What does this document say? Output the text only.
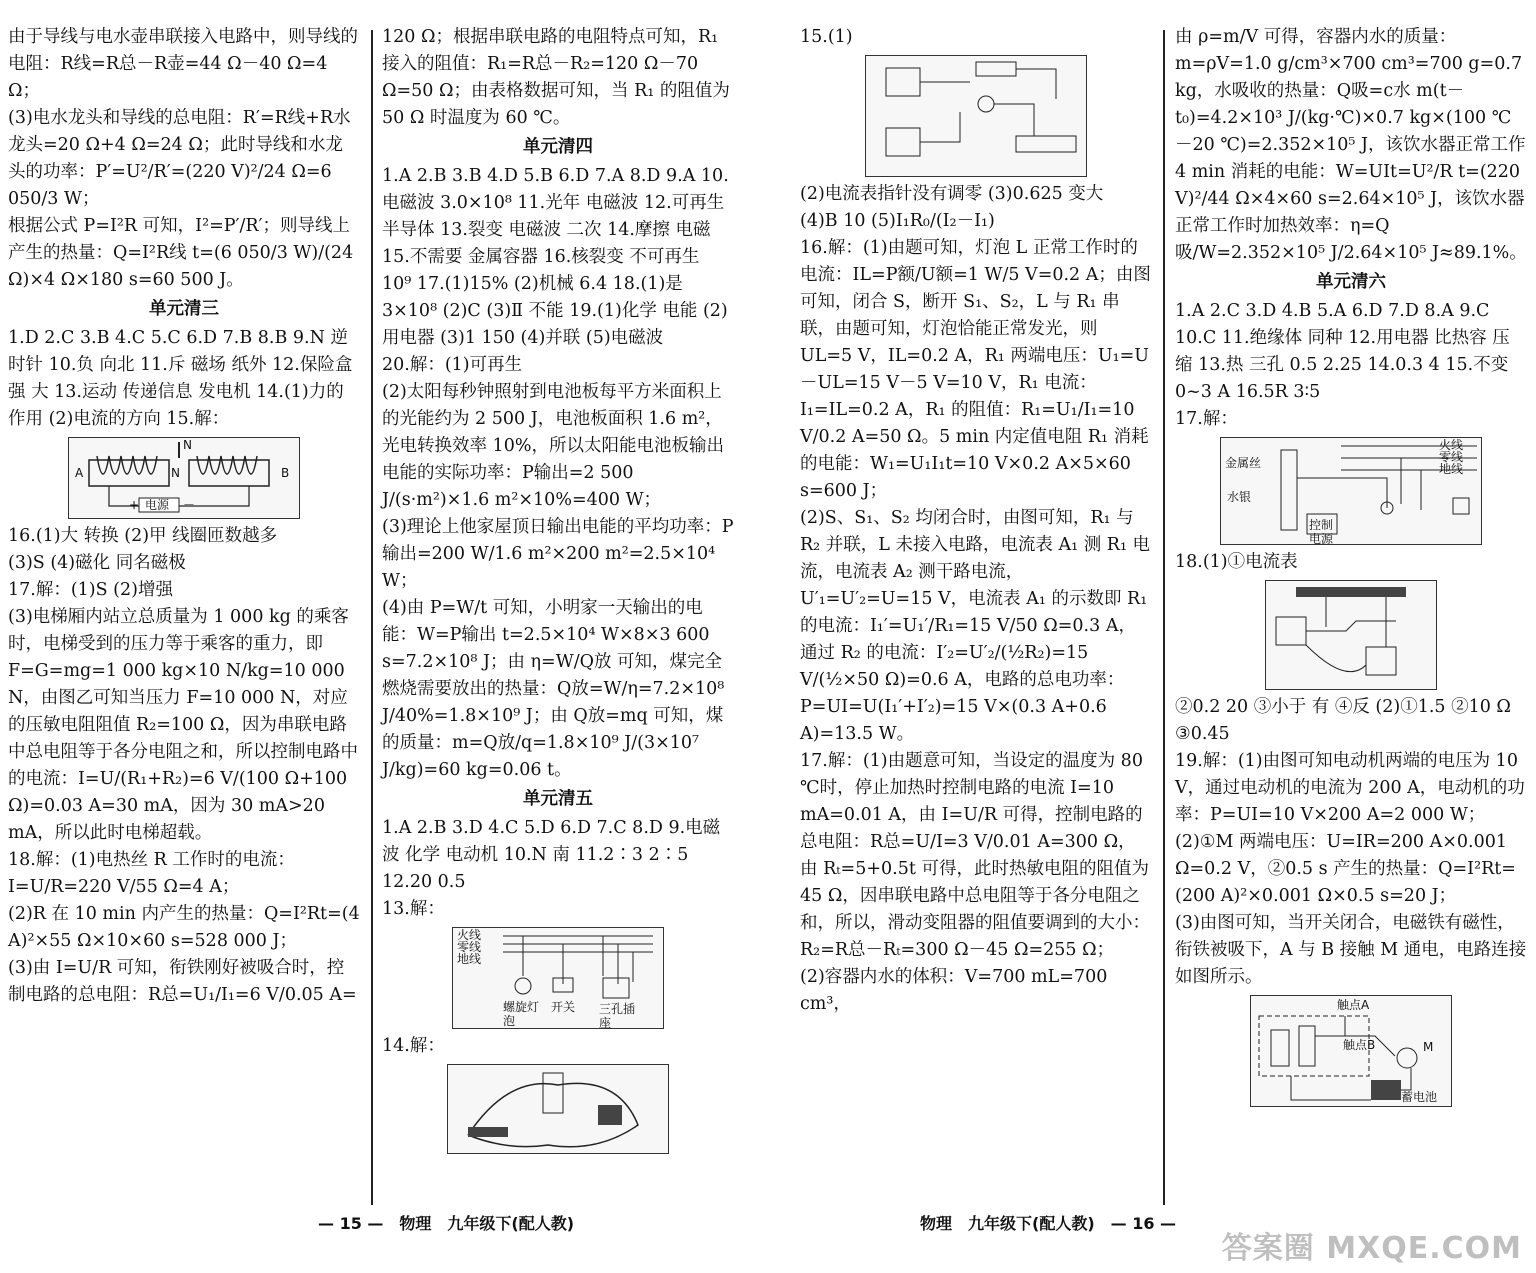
由于导线与电水壶串联接入电路中，则导线的电阻：R线=R总－R壶=44 Ω－40 Ω=4 Ω；

(3)电水龙头和导线的总电阻：R′=R线+R水龙头=20 Ω+4 Ω=24 Ω；此时导线和水龙头的功率：P′=U²/R′=(220 V)²/24 Ω=6 050/3 W；

根据公式 P=I²R 可知，I²=P′/R′；则导线上产生的热量：Q=I²R线 t=(6 050/3 W)/(24 Ω)×4 Ω×180 s=60 500 J。

单元清三

1.D 2.C 3.B 4.C 5.C 6.D 7.B 8.B 9.N 逆时针 10.负 向北 11.斥 磁场 纸外 12.保险盒 强 大 13.运动 传递信息 发电机 14.(1)力的作用 (2)电流的方向 15.解：

A	B
N
N
+ 电源 －

16.(1)大 转换 (2)甲 线圈匝数越多

(3)S (4)磁化 同名磁极

17.解：(1)S (2)增强

(3)电梯厢内站立总质量为 1 000 kg 的乘客时，电梯受到的压力等于乘客的重力，即 F=G=mg=1 000 kg×10 N/kg=10 000 N，由图乙可知当压力 F=10 000 N，对应的压敏电阻阻值 R₂=100 Ω，因为串联电路中总电阻等于各分电阻之和，所以控制电路中的电流：I=U/(R₁+R₂)=6 V/(100 Ω+100 Ω)=0.03 A=30 mA，因为 30 mA>20 mA，所以此时电梯超载。

18.解：(1)电热丝 R 工作时的电流：I=U/R=220 V/55 Ω=4 A；

(2)R 在 10 min 内产生的热量：Q=I²Rt=(4 A)²×55 Ω×10×60 s=528 000 J；

(3)由 I=U/R 可知，衔铁刚好被吸合时，控制电路的总电阻：R总=U₁/I₁=6 V/0.05 A=

120 Ω；根据串联电路的电阻特点可知，R₁ 接入的阻值：R₁=R总－R₂=120 Ω－70 Ω=50 Ω；由表格数据可知，当 R₁ 的阻值为 50 Ω 时温度为 60 ℃。

单元清四

1.A 2.B 3.B 4.D 5.B 6.D 7.A 8.D 9.A 10.电磁波 3.0×10⁸ 11.光年 电磁波 12.可再生 半导体 13.裂变 电磁波 二次 14.摩擦 电磁 15.不需要 金属容器 16.核裂变 不可再生 10⁹ 17.(1)15% (2)机械 6.4 18.(1)是 3×10⁸ (2)C (3)Ⅱ 不能 19.(1)化学 电能 (2)用电器 (3)1 150 (4)并联 (5)电磁波

20.解：(1)可再生

(2)太阳每秒钟照射到电池板每平方米面积上的光能约为 2 500 J，电池板面积 1.6 m²，光电转换效率 10%，所以太阳能电池板输出电能的实际功率：P输出=2 500 J/(s·m²)×1.6 m²×10%=400 W；

(3)理论上他家屋顶日输出电能的平均功率：P输出=200 W/1.6 m²×200 m²=2.5×10⁴ W；

(4)由 P=W/t 可知，小明家一天输出的电能：W=P输出 t=2.5×10⁴ W×8×3 600 s=7.2×10⁸ J；由 η=W/Q放 可知，煤完全燃烧需要放出的热量：Q放=W/η=7.2×10⁸ J/40%=1.8×10⁹ J；由 Q放=mq 可知，煤的质量：m=Q放/q=1.8×10⁹ J/(3×10⁷ J/kg)=60 kg=0.06 t。

单元清五

1.A 2.B 3.D 4.C 5.D 6.D 7.C 8.D 9.电磁波 化学 电动机 10.N 南 11.2∶3 2∶5 12.20 0.5

13.解：

火线
零线
地线
螺旋灯泡
开关 三孔插座

14.解：

15.(1)

(2)电流表指针没有调零 (3)0.625 变大

(4)B 10 (5)I₁R₀/(I₂－I₁)

16.解：(1)由题可知，灯泡 L 正常工作时的电流：IL=P额/U额=1 W/5 V=0.2 A；由图可知，闭合 S，断开 S₁、S₂，L 与 R₁ 串联，由题可知，灯泡恰能正常发光，则 UL=5 V，IL=0.2 A，R₁ 两端电压：U₁=U－UL=15 V－5 V=10 V，R₁ 电流：I₁=IL=0.2 A，R₁ 的阻值：R₁=U₁/I₁=10 V/0.2 A=50 Ω。5 min 内定值电阻 R₁ 消耗的电能：W₁=U₁I₁t=10 V×0.2 A×5×60 s=600 J；

(2)S、S₁、S₂ 均闭合时，由图可知，R₁ 与 R₂ 并联，L 未接入电路，电流表 A₁ 测 R₁ 电流，电流表 A₂ 测干路电流，U′₁=U′₂=U=15 V，电流表 A₁ 的示数即 R₁ 的电流：I₁′=U₁′/R₁=15 V/50 Ω=0.3 A，通过 R₂ 的电流：I′₂=U′₂/(½R₂)=15 V/(½×50 Ω)=0.6 A，电路的总电功率：P=UI=U(I₁′+I′₂)=15 V×(0.3 A+0.6 A)=13.5 W。

17.解：(1)由题意可知，当设定的温度为 80 ℃时，停止加热时控制电路的电流 I=10 mA=0.01 A，由 I=U/R 可得，控制电路的总电阻：R总=U/I=3 V/0.01 A=300 Ω，由 Rₜ=5+0.5t 可得，此时热敏电阻的阻值为 45 Ω，因串联电路中总电阻等于各分电阻之和，所以，滑动变阻器的阻值要调到的大小：R₂=R总－Rₜ=300 Ω－45 Ω=255 Ω；

(2)容器内水的体积：V=700 mL=700 cm³，

由 ρ=m/V 可得，容器内水的质量：m=ρV=1.0 g/cm³×700 cm³=700 g=0.7 kg，水吸收的热量：Q吸=c水 m(t－t₀)=4.2×10³ J/(kg·℃)×0.7 kg×(100 ℃－20 ℃)=2.352×10⁵ J，该饮水器正常工作 4 min 消耗的电能：W=UIt=U²/R t=(220 V)²/44 Ω×4×60 s=2.64×10⁵ J，该饮水器正常工作时加热效率：η=Q吸/W=2.352×10⁵ J/2.64×10⁵ J≈89.1%。

单元清六

1.A 2.C 3.D 4.B 5.A 6.D 7.D 8.A 9.C 10.C 11.绝缘体 同种 12.用电器 比热容 压缩 13.热 三孔 0.5 2.25 14.0.3 4 15.不变 0~3 A 16.5R 3∶5

17.解：

火线
零线
地线
金属丝
水银
控制电源

18.(1)①电流表

②0.2 20 ③小于 有 ④反 (2)①1.5 ②10 Ω ③0.45

19.解：(1)由图可知电动机两端的电压为 10 V，通过电动机的电流为 200 A，电动机的功率：P=UI=10 V×200 A=2 000 W；

(2)①M 两端电压：U=IR=200 A×0.001 Ω=0.2 V，②0.5 s 产生的热量：Q=I²Rt=(200 A)²×0.001 Ω×0.5 s=20 J；

(3)由图可知，当开关闭合，电磁铁有磁性，衔铁被吸下，A 与 B 接触 M 通电，电路连接如图所示。

触点A
触点B	M
蓄电池
— 15 —　物理　九年级下(配人教)	物理　九年级下(配人教)　— 16 —
答案圈 MXQE.COM
